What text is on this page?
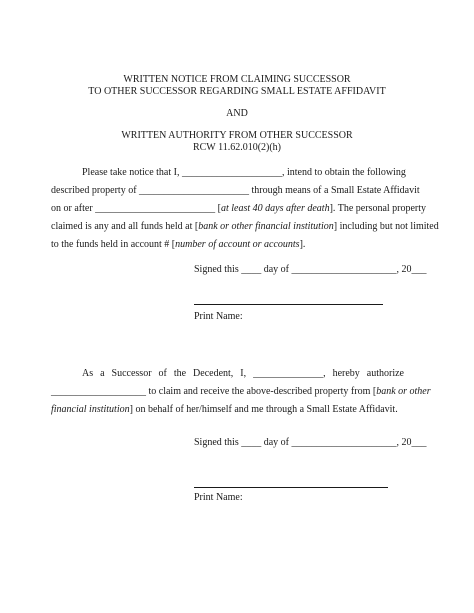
WRITTEN NOTICE FROM CLAIMING SUCCESSOR
TO OTHER SUCCESSOR REGARDING SMALL ESTATE AFFIDAVIT
AND
WRITTEN AUTHORITY FROM OTHER SUCCESSOR
RCW 11.62.010(2)(h)
Please take notice that I, ____________________, intend to obtain the following
described property of ______________________ through means of a Small Estate Affidavit
on or after ________________________ [at least 40 days after death]. The personal property
claimed is any and all funds held at [bank or other financial institution] including but not limited
to the funds held in account # [number of account or accounts].
Signed this ____ day of _____________________, 20___
Print Name:
As a Successor of the Decedent, I, ______________, hereby authorize
___________________ to claim and receive the above-described property from [bank or other
financial institution] on behalf of her/himself and me through a Small Estate Affidavit.
Signed this ____ day of _____________________, 20___
Print Name:
